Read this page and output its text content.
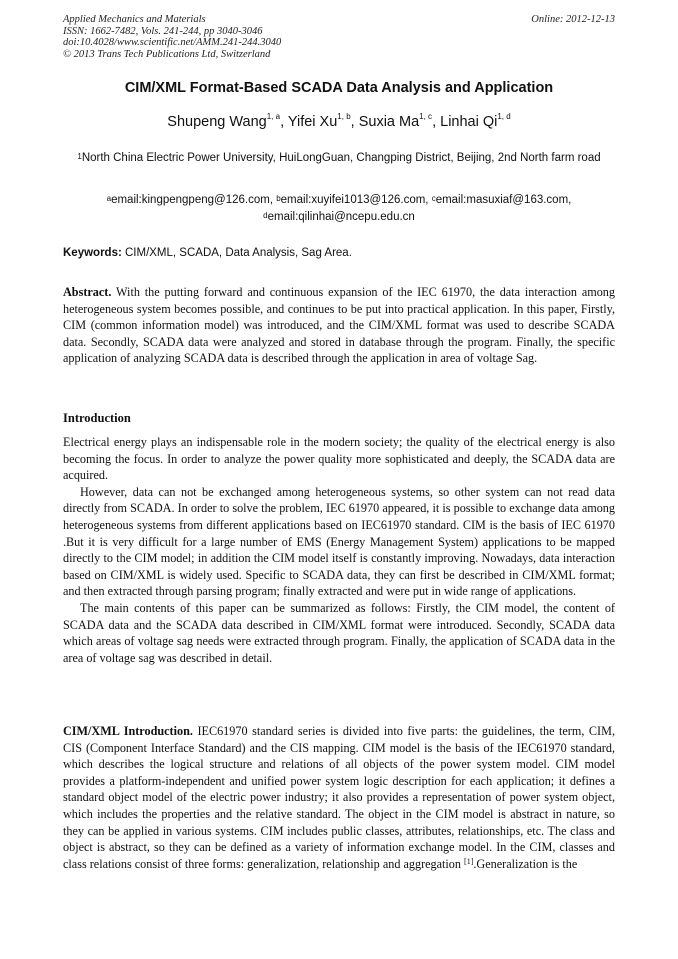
Applied Mechanics and Materials
ISSN: 1662-7482, Vols. 241-244, pp 3040-3046
doi:10.4028/www.scientific.net/AMM.241-244.3040
© 2013 Trans Tech Publications Ltd, Switzerland
Online: 2012-12-13
CIM/XML Format-Based SCADA Data Analysis and Application
Shupeng Wang$^{1, a}$, Yifei Xu$^{1, b}$, Suxia Ma$^{1, c}$, Linhai Qi$^{1, d}$
$^1$North China Electric Power University, HuiLongGuan, Changping District, Beijing, 2nd North farm road
$^a$email:kingpengpeng@126.com, $^b$email:xuyifei1013@126.com, $^c$email:masuxiaf@163.com,
$^d$email:qilinhai@ncepu.edu.cn
Keywords: CIM/XML, SCADA, Data Analysis, Sag Area.
Abstract. With the putting forward and continuous expansion of the IEC 61970, the data interaction among heterogeneous system becomes possible, and continues to be put into practical application. In this paper, Firstly, CIM (common information model) was introduced, and the CIM/XML format was used to describe SCADA data. Secondly, SCADA data were analyzed and stored in database through the program. Finally, the specific application of analyzing SCADA data is described through the application in area of voltage Sag.
Introduction

Electrical energy plays an indispensable role in the modern society; the quality of the electrical energy is also becoming the focus. In order to analyze the power quality more sophisticated and deeply, the SCADA data are acquired.

However, data can not be exchanged among heterogeneous systems, so other system can not read data directly from SCADA. In order to solve the problem, IEC 61970 appeared, it is possible to exchange data among heterogeneous systems from different applications based on IEC61970 standard. CIM is the basis of IEC 61970 .But it is very difficult for a large number of EMS (Energy Management System) applications to be mapped directly to the CIM model; in addition the CIM model itself is constantly improving. Nowadays, data interaction based on CIM/XML is widely used. Specific to SCADA data, they can first be described in CIM/XML format; and then extracted through parsing program; finally extracted and were put in wide range of applications.

The main contents of this paper can be summarized as follows: Firstly, the CIM model, the content of SCADA data and the SCADA data described in CIM/XML format were introduced. Secondly, SCADA data which areas of voltage sag needs were extracted through program. Finally, the application of SCADA data in the area of voltage sag was described in detail.

CIM/XML Introduction. IEC61970 standard series is divided into five parts: the guidelines, the term, CIM, CIS (Component Interface Standard) and the CIS mapping. CIM model is the basis of the IEC61970 standard, which describes the logical structure and relations of all objects of the power system model. CIM model provides a platform-independent and unified power system logic description for each application; it defines a standard object model of the electric power industry; it also provides a representation of power system object, which includes the properties and the relative standard. The object in the CIM model is abstract in nature, so they can be applied in various systems. CIM includes public classes, attributes, relationships, etc. The class and object is abstract, so they can be defined as a variety of information exchange model. In the CIM, classes and class relations consist of three forms: generalization, relationship and aggregation [1].Generalization is the
